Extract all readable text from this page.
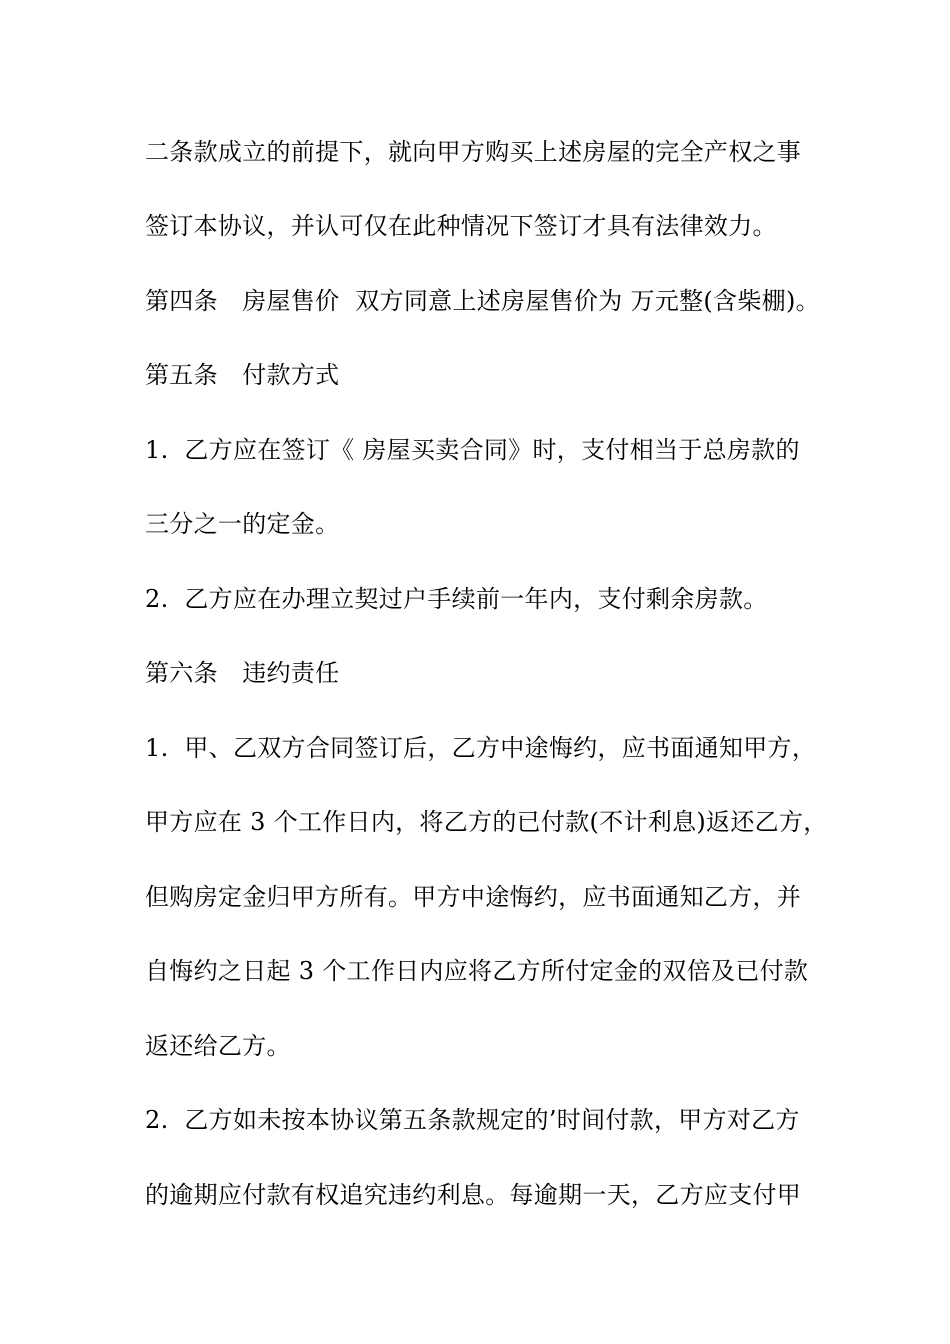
二条款成立的前提下，就向甲方购买上述房屋的完全产权之事
签订本协议，并认可仅在此种情况下签订才具有法律效力。
第四条　房屋售价  双方同意上述房屋售价为 万元整(含柴棚)。
第五条　付款方式
1.  乙方应在签订《 房屋买卖合同》时，支付相当于总房款的
三分之一的定金。
2.  乙方应在办理立契过户手续前一年内，支付剩余房款。
第六条　违约责任
1.  甲、乙双方合同签订后，乙方中途悔约，应书面通知甲方，
甲方应在 3 个工作日内，将乙方的已付款(不计利息)返还乙方，
但购房定金归甲方所有。甲方中途悔约，应书面通知乙方，并
自悔约之日起 3 个工作日内应将乙方所付定金的双倍及已付款
返还给乙方。
2.  乙方如未按本协议第五条款规定的’时间付款，甲方对乙方
的逾期应付款有权追究违约利息。每逾期一天，乙方应支付甲
